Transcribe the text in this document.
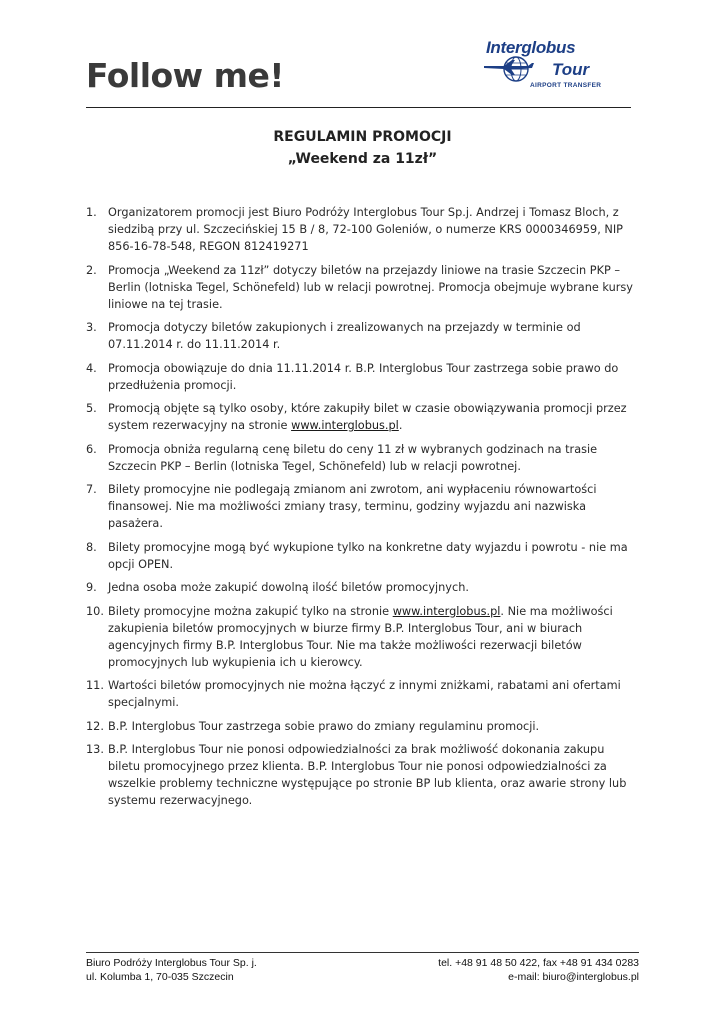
Follow me!
Interglobus
Tour
AIRPORT TRANSFER
REGULAMIN PROMOCJI
„Weekend za 11zł”
1. Organizatorem promocji jest Biuro Podróży Interglobus Tour Sp.j. Andrzej i Tomasz Bloch, z siedzibą przy ul. Szczecińskiej 15 B / 8, 72-100 Goleniów, o numerze KRS 0000346959, NIP 856-16-78-548, REGON 812419271
2. Promocja „Weekend za 11zł” dotyczy biletów na przejazdy liniowe na trasie Szczecin PKP – Berlin (lotniska Tegel, Schönefeld) lub w relacji powrotnej. Promocja obejmuje wybrane kursy liniowe na tej trasie.
3. Promocja dotyczy biletów zakupionych i zrealizowanych na przejazdy w terminie od 07.11.2014 r. do 11.11.2014 r.
4. Promocja obowiązuje do dnia 11.11.2014 r. B.P. Interglobus Tour zastrzega sobie prawo do przedłużenia promocji.
5. Promocją objęte są tylko osoby, które zakupiły bilet w czasie obowiązywania promocji przez system rezerwacyjny na stronie www.interglobus.pl.
6. Promocja obniża regularną cenę biletu do ceny 11 zł w wybranych godzinach na trasie Szczecin PKP – Berlin (lotniska Tegel, Schönefeld) lub w relacji powrotnej.
7. Bilety promocyjne nie podlegają zmianom ani zwrotom, ani wypłaceniu równowartości finansowej. Nie ma możliwości zmiany trasy, terminu, godziny wyjazdu ani nazwiska pasażera.
8. Bilety promocyjne mogą być wykupione tylko na konkretne daty wyjazdu i powrotu - nie ma opcji OPEN.
9. Jedna osoba może zakupić dowolną ilość biletów promocyjnych.
10. Bilety promocyjne można zakupić tylko na stronie www.interglobus.pl. Nie ma możliwości zakupienia biletów promocyjnych w biurze firmy B.P. Interglobus Tour, ani w biurach agencyjnych firmy B.P. Interglobus Tour. Nie ma także możliwości rezerwacji biletów promocyjnych lub wykupienia ich u kierowcy.
11. Wartości biletów promocyjnych nie można łączyć z innymi zniżkami, rabatami ani ofertami specjalnymi.
12. B.P. Interglobus Tour zastrzega sobie prawo do zmiany regulaminu promocji.
13. B.P. Interglobus Tour nie ponosi odpowiedzialności za brak możliwość dokonania zakupu biletu promocyjnego przez klienta. B.P. Interglobus Tour nie ponosi odpowiedzialności za wszelkie problemy techniczne występujące po stronie BP lub klienta, oraz awarie strony lub systemu rezerwacyjnego.
Biuro Podróży Interglobus Tour Sp. j.
ul. Kolumba 1, 70-035 Szczecin
tel. +48 91 48 50 422, fax +48 91 434 0283
e-mail: biuro@interglobus.pl
